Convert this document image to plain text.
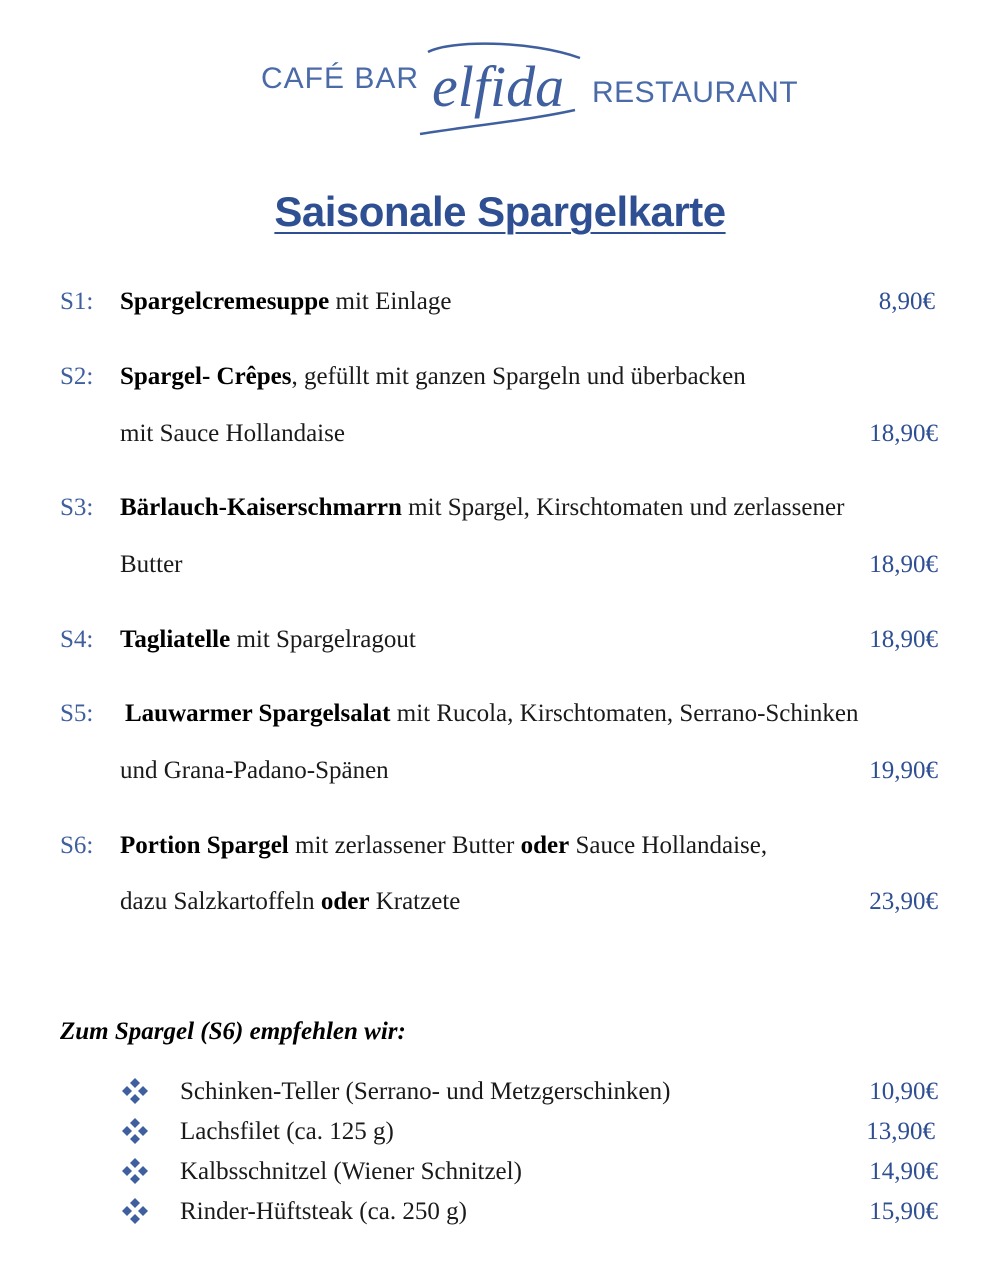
CAFÉ BAR elfida RESTAURANT
Saisonale Spargelkarte
S1: Spargelcremesuppe mit Einlage	8,90€
S2: Spargel- Crêpes, gefüllt mit ganzen Spargeln und überbacken
mit Sauce Hollandaise	18,90€
S3: Bärlauch-Kaiserschmarrn mit Spargel, Kirschtomaten und zerlassener
Butter	18,90€
S4: Tagliatelle mit Spargelragout	18,90€
S5: Lauwarmer Spargelsalat mit Rucola, Kirschtomaten, Serrano-Schinken
und Grana-Padano-Spänen	19,90€
S6: Portion Spargel mit zerlassener Butter oder Sauce Hollandaise,
dazu Salzkartoffeln oder Kratzete	23,90€
Zum Spargel (S6) empfehlen wir:
Schinken-Teller (Serrano- und Metzgerschinken)	10,90€
Lachsfilet (ca. 125 g)	13,90€
Kalbsschnitzel (Wiener Schnitzel)	14,90€
Rinder-Hüftsteak (ca. 250 g)	15,90€
